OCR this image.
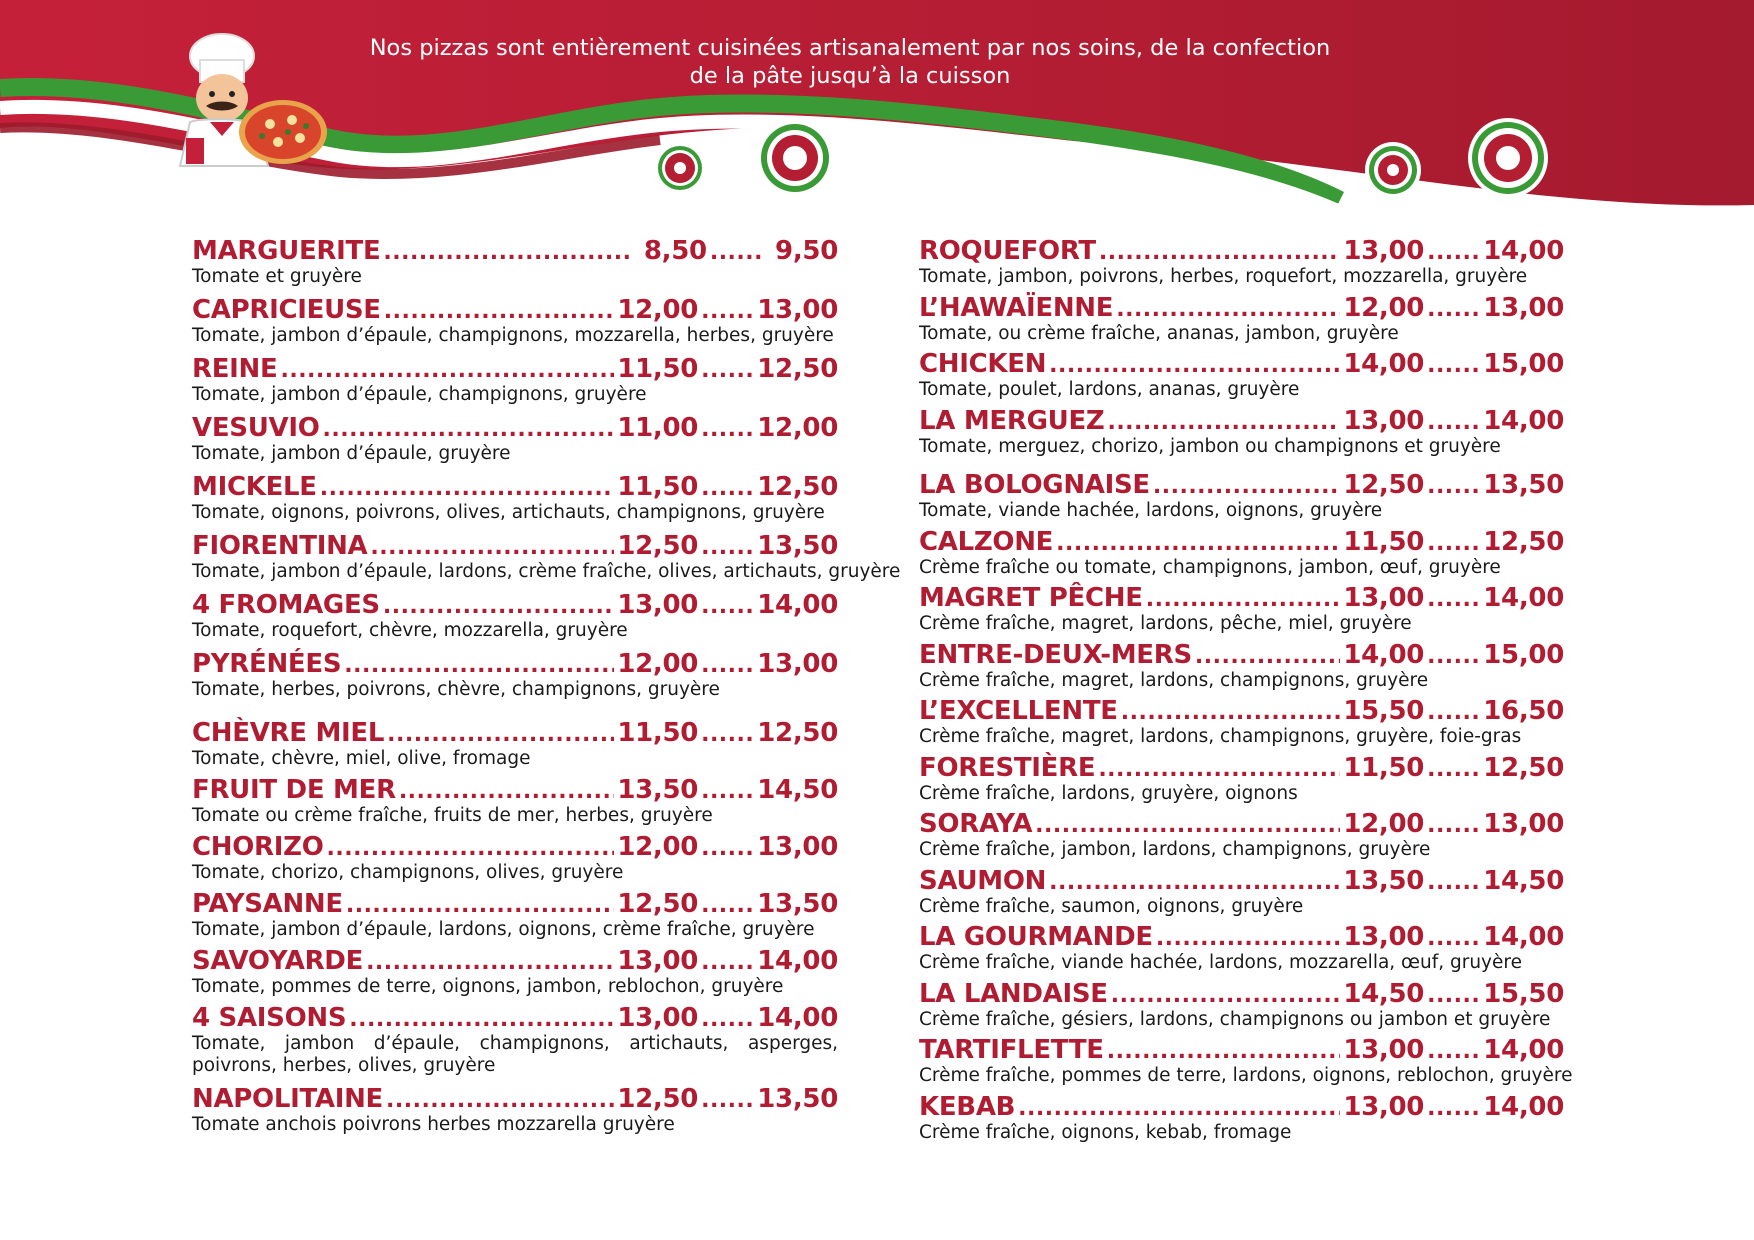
Nos pizzas sont entièrement cuisinées artisanalement par nos soins, de la confection
de la pâte jusqu’à la cuisson
MARGUERITE .....	8,50 ......	9,50
Tomate et gruyère
CAPRICIEUSE .....	12,00 ...... 13,00
Tomate, jambon d’épaule, champignons, mozzarella, herbes, gruyère
REINE .....	11,50 ...... 12,50
Tomate, jambon d’épaule, champignons, gruyère
VESUVIO .....	11,00 ...... 12,00
Tomate, jambon d’épaule, gruyère
MICKELE .....	11,50 ...... 12,50
Tomate, oignons, poivrons, olives, artichauts, champignons, gruyère
FIORENTINA .....	12,50 ...... 13,50
Tomate, jambon d’épaule, lardons, crème fraîche, olives, artichauts, gruyère
4 FROMAGES .....	13,00 ...... 14,00
Tomate, roquefort, chèvre, mozzarella, gruyère
PYRÉNÉES .....	12,00 ...... 13,00
Tomate, herbes, poivrons, chèvre, champignons, gruyère
CHÈVRE MIEL .....	11,50 ...... 12,50
Tomate, chèvre, miel, olive, fromage
FRUIT DE MER .....	13,50 ...... 14,50
Tomate ou crème fraîche, fruits de mer, herbes, gruyère
CHORIZO .....	12,00 ...... 13,00
Tomate, chorizo, champignons, olives, gruyère
PAYSANNE .....	12,50 ...... 13,50
Tomate, jambon d’épaule, lardons, oignons, crème fraîche, gruyère
SAVOYARDE .....	13,00 ...... 14,00
Tomate, pommes de terre, oignons, jambon, reblochon, gruyère
4 SAISONS .....	13,00 ...... 14,00
Tomate, jambon d’épaule, champignons, artichauts, asperges, poivrons, herbes, olives, gruyère
NAPOLITAINE .....	12,50 ...... 13,50
Tomate anchois poivrons herbes mozzarella gruyère
ROQUEFORT .....	13,00 ...... 14,00
Tomate, jambon, poivrons, herbes, roquefort, mozzarella, gruyère
L’HAWAÏENNE .....	12,00 ...... 13,00
Tomate, ou crème fraîche, ananas, jambon, gruyère
CHICKEN .....	14,00 ...... 15,00
Tomate, poulet, lardons, ananas, gruyère
LA MERGUEZ .....	13,00 ...... 14,00
Tomate, merguez, chorizo, jambon ou champignons et gruyère
LA BOLOGNAISE .....	12,50 ...... 13,50
Tomate, viande hachée, lardons, oignons, gruyère
CALZONE .....	11,50 ...... 12,50
Crème fraîche ou tomate, champignons, jambon, œuf, gruyère
MAGRET PÊCHE .....	13,00 ...... 14,00
Crème fraîche, magret, lardons, pêche, miel, gruyère
ENTRE-DEUX-MERS .....	14,00 ...... 15,00
Crème fraîche, magret, lardons, champignons, gruyère
L’EXCELLENTE .....	15,50 ...... 16,50
Crème fraîche, magret, lardons, champignons, gruyère, foie-gras
FORESTIÈRE .....	11,50 ...... 12,50
Crème fraîche, lardons, gruyère, oignons
SORAYA .....	12,00 ...... 13,00
Crème fraîche, jambon, lardons, champignons, gruyère
SAUMON .....	13,50 ...... 14,50
Crème fraîche, saumon, oignons, gruyère
LA GOURMANDE .....	13,00 ...... 14,00
Crème fraîche, viande hachée, lardons, mozzarella, œuf, gruyère
LA LANDAISE .....	14,50 ...... 15,50
Crème fraîche, gésiers, lardons, champignons ou jambon et gruyère
TARTIFLETTE .....	13,00 ...... 14,00
Crème fraîche, pommes de terre, lardons, oignons, reblochon, gruyère
KEBAB .....	13,00 ...... 14,00
Crème fraîche, oignons, kebab, fromage
